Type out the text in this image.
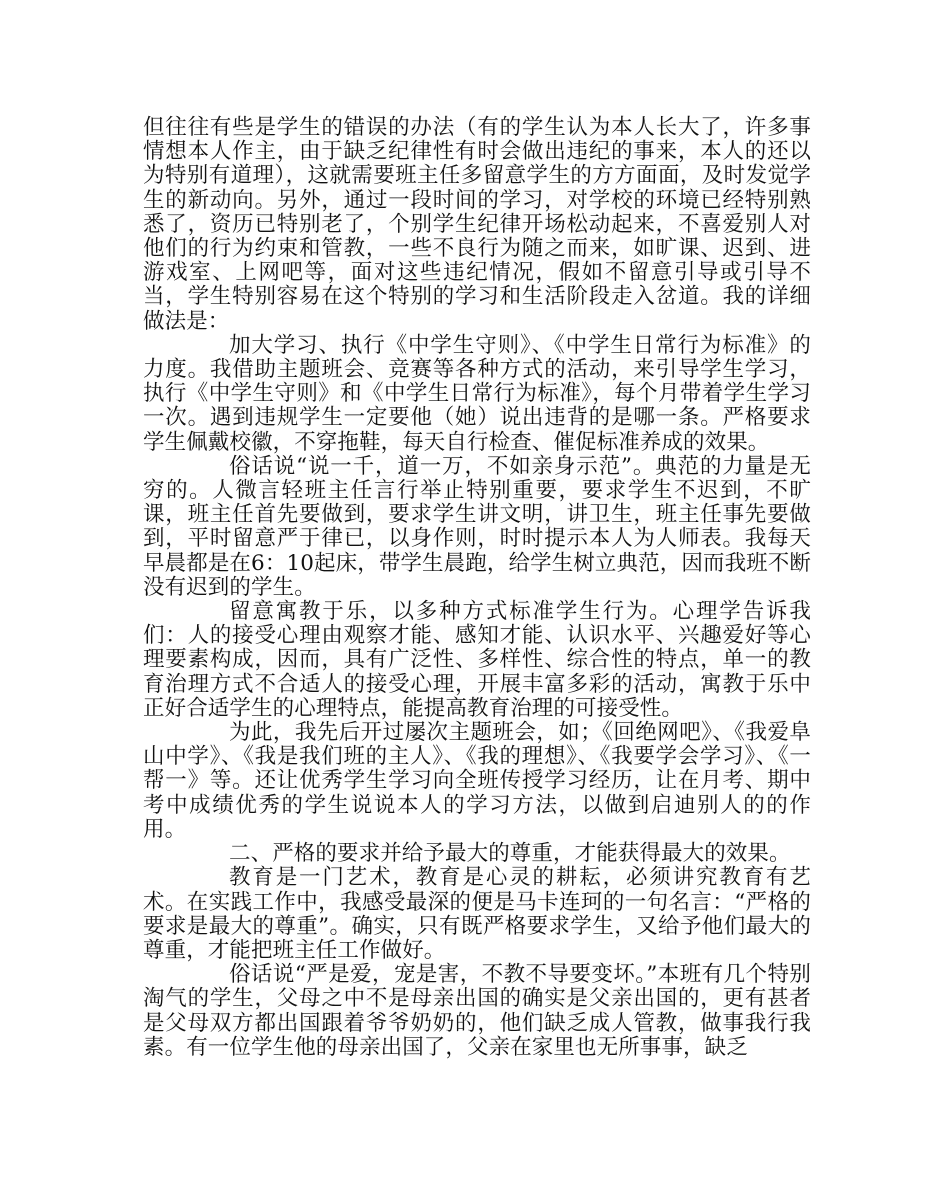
但往往有些是学生的错误的办法（有的学生认为本人长大了，许多事情想本人作主，由于缺乏纪律性有时会做出违纪的事来，本人的还以为特别有道理），这就需要班主任多留意学生的方方面面，及时发觉学生的新动向。另外，通过一段时间的学习，对学校的环境已经特别熟悉了，资历已特别老了，个别学生纪律开场松动起来，不喜爱别人对他们的行为约束和管教，一些不良行为随之而来，如旷课、迟到、进游戏室、上网吧等，面对这些违纪情况，假如不留意引导或引导不当，学生特别容易在这个特别的学习和生活阶段走入岔道。我的详细做法是：

加大学习、执行《中学生守则》、《中学生日常行为标准》的力度。我借助主题班会、竞赛等各种方式的活动，来引导学生学习，执行《中学生守则》和《中学生日常行为标准》，每个月带着学生学习一次。遇到违规学生一定要他（她）说出违背的是哪一条。严格要求学生佩戴校徽，不穿拖鞋，每天自行检查、催促标准养成的效果。

俗话说“说一千，道一万，不如亲身示范”。典范的力量是无穷的。人微言轻班主任言行举止特别重要，要求学生不迟到，不旷课，班主任首先要做到，要求学生讲文明，讲卫生，班主任事先要做到，平时留意严于律已，以身作则，时时提示本人为人师表。我每天早晨都是在6：10起床，带学生晨跑，给学生树立典范，因而我班不断没有迟到的学生。

留意寓教于乐，以多种方式标准学生行为。心理学告诉我们：人的接受心理由观察才能、感知才能、认识水平、兴趣爱好等心理要素构成，因而，具有广泛性、多样性、综合性的特点，单一的教育治理方式不合适人的接受心理，开展丰富多彩的活动，寓教于乐中正好合适学生的心理特点，能提高教育治理的可接受性。

为此，我先后开过屡次主题班会，如；《回绝网吧》、《我爱阜山中学》、《我是我们班的主人》、《我的理想》、《我要学会学习》、《一帮一》等。还让优秀学生学习向全班传授学习经历，让在月考、期中考中成绩优秀的学生说说本人的学习方法，以做到启迪别人的的作用。

二、严格的要求并给予最大的尊重，才能获得最大的效果。

教育是一门艺术，教育是心灵的耕耘，必须讲究教育有艺术。在实践工作中，我感受最深的便是马卡连珂的一句名言：“严格的要求是最大的尊重”。确实，只有既严格要求学生，又给予他们最大的尊重，才能把班主任工作做好。

俗话说“严是爱，宠是害，不教不导要变坏。”本班有几个特别淘气的学生，父母之中不是母亲出国的确实是父亲出国的，更有甚者是父母双方都出国跟着爷爷奶奶的，他们缺乏成人管教，做事我行我素。有一位学生他的母亲出国了，父亲在家里也无所事事，缺乏
